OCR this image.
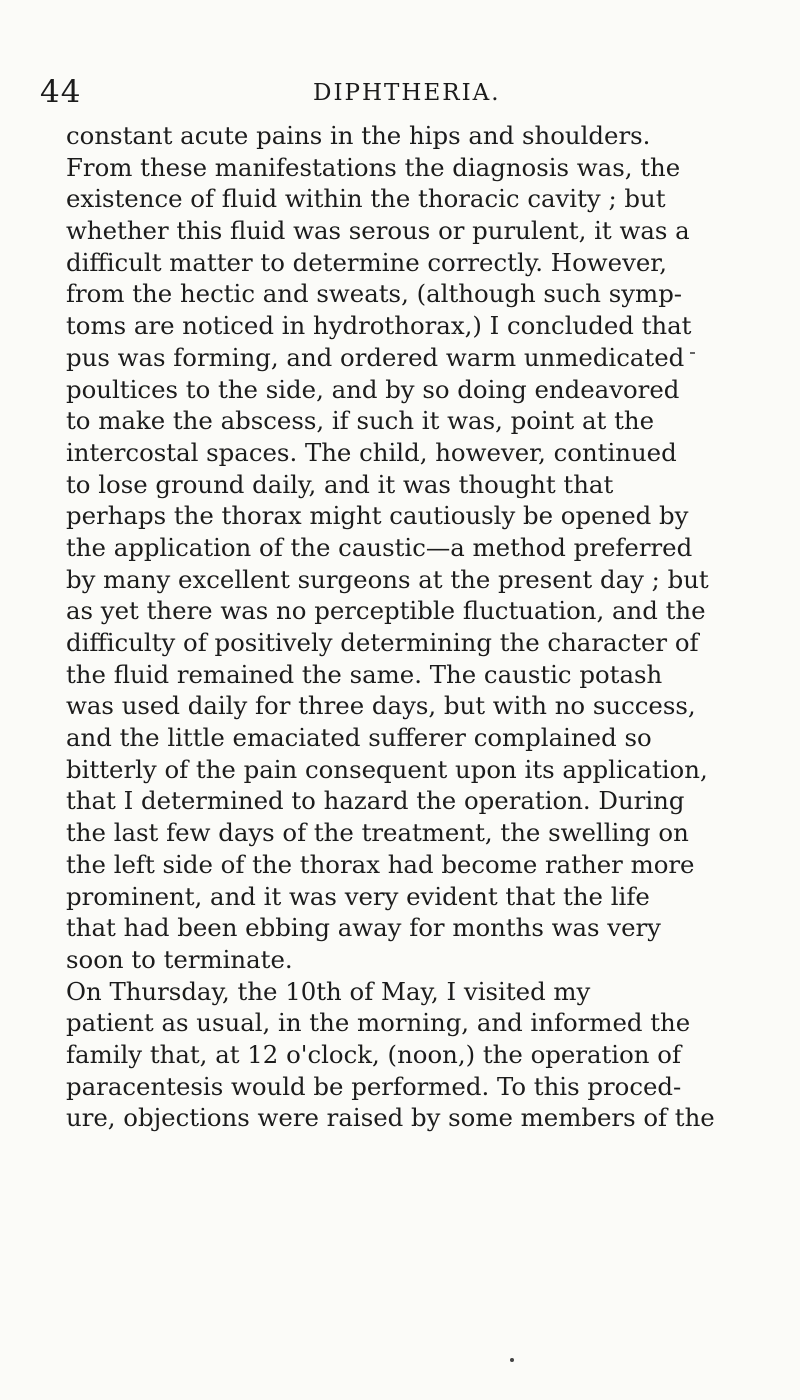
44	DIPHTHERIA.
constant acute pains in the hips and shoulders.
From these manifestations the diagnosis was, the
existence of fluid within the thoracic cavity ; but
whether this fluid was serous or purulent, it was a
difficult matter to determine correctly. However,
from the hectic and sweats, (although such symp-
toms are noticed in hydrothorax,) I concluded that
pus was forming, and ordered warm unmedicated
poultices to the side, and by so doing endeavored
to make the abscess, if such it was, point at the
intercostal spaces. The child, however, continued
to lose ground daily, and it was thought that
perhaps the thorax might cautiously be opened by
the application of the caustic—a method preferred
by many excellent surgeons at the present day ; but
as yet there was no perceptible fluctuation, and the
difficulty of positively determining the character of
the fluid remained the same. The caustic potash
was used daily for three days, but with no success,
and the little emaciated sufferer complained so
bitterly of the pain consequent upon its application,
that I determined to hazard the operation. During
the last few days of the treatment, the swelling on
the left side of the thorax had become rather more
prominent, and it was very evident that the life
that had been ebbing away for months was very
soon to terminate.
On Thursday, the 10th of May, I visited my
patient as usual, in the morning, and informed the
family that, at 12 o'clock, (noon,) the operation of
paracentesis would be performed. To this proced-
ure, objections were raised by some members of the
